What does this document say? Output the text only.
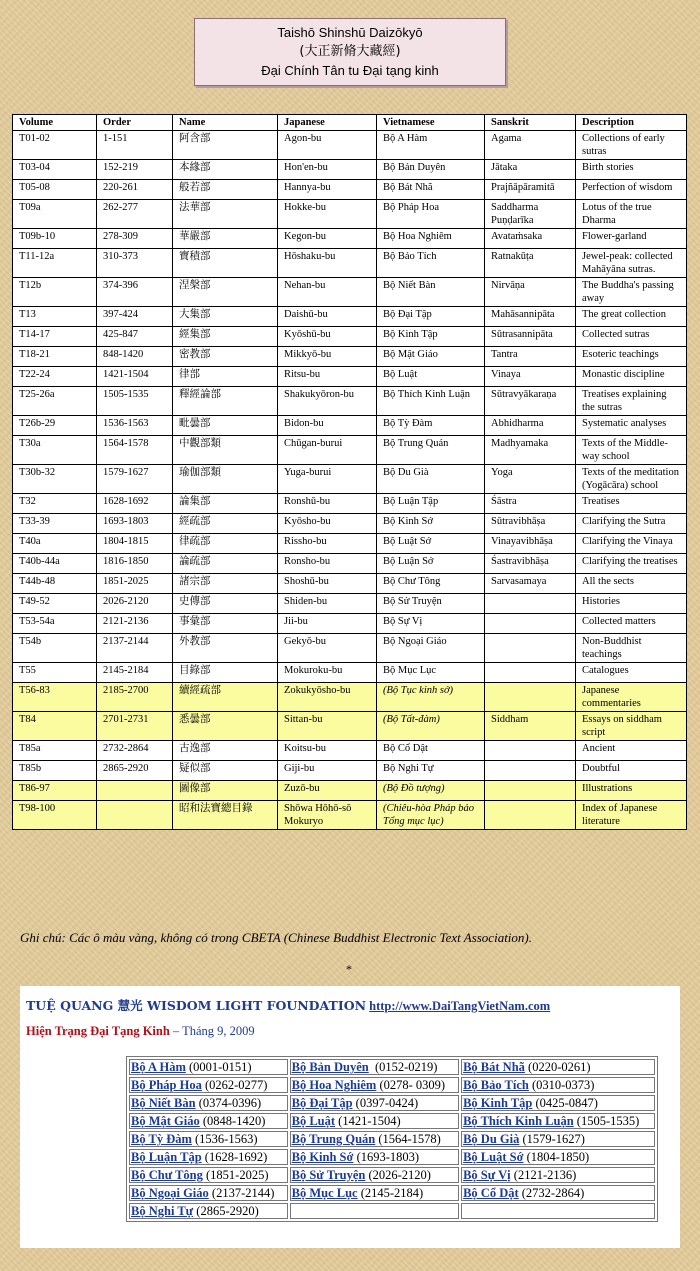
Taishō Shinshū Daizōkyō
(大正新脩大藏經)
Đại Chính Tân tu Đại tạng kinh
Volume	Order	Name	Japanese	Vietnamese	Sanskrit	Description
T01-02	1-151	阿含部	Agon-bu	Bộ A Hàm	Agama	Collections of early sutras
T03-04	152-219	本緣部	Hon'en-bu	Bộ Bản Duyên	Jātaka	Birth stories
T05-08	220-261	般若部	Hannya-bu	Bộ Bát Nhã	Prajñāpāramitā	Perfection of wisdom
T09a	262-277	法華部	Hokke-bu	Bộ Pháp Hoa	Saddharma Puṇḍarīka	Lotus of the true Dharma
T09b-10	278-309	華嚴部	Kegon-bu	Bộ Hoa Nghiêm	Avataṁsaka	Flower-garland
T11-12a	310-373	寶積部	Hōshaku-bu	Bộ Bảo Tích	Ratnakūṭa	Jewel-peak: collected Mahāyāna sutras.
T12b	374-396	涅槃部	Nehan-bu	Bộ Niết Bàn	Nirvāṇa	The Buddha's passing away
T13	397-424	大集部	Daishū-bu	Bộ Đại Tập	Mahāsannipāta	The great collection
T14-17	425-847	經集部	Kyōshū-bu	Bộ Kinh Tập	Sūtrasannipāta	Collected sutras
T18-21	848-1420	密教部	Mikkyō-bu	Bộ Mật Giáo	Tantra	Esoteric teachings
T22-24	1421-1504	律部	Ritsu-bu	Bộ Luật	Vinaya	Monastic discipline
T25-26a	1505-1535	釋經論部	Shakukyōron-bu	Bộ Thích Kinh Luận	Sūtravyākaraṇa	Treatises explaining the sutras
T26b-29	1536-1563	毗曇部	Bidon-bu	Bộ Tỳ Đàm	Abhidharma	Systematic analyses
T30a	1564-1578	中觀部類	Chūgan-burui	Bộ Trung Quán	Madhyamaka	Texts of the Middle-way school
T30b-32	1579-1627	瑜伽部類	Yuga-burui	Bộ Du Già	Yoga	Texts of the meditation (Yogācāra) school
T32	1628-1692	論集部	Ronshū-bu	Bộ Luận Tập	Śāstra	Treatises
T33-39	1693-1803	經疏部	Kyōsho-bu	Bộ Kinh Sớ	Sūtravibhāṣa	Clarifying the Sutra
T40a	1804-1815	律疏部	Rissho-bu	Bộ Luật Sớ	Vinayavibhāṣa	Clarifying the Vinaya
T40b-44a	1816-1850	論疏部	Ronsho-bu	Bộ Luận Sớ	Śastravibhāṣa	Clarifying the treatises
T44b-48	1851-2025	諸宗部	Shoshū-bu	Bộ Chư Tông	Sarvasamaya	All the sects
T49-52	2026-2120	史傳部	Shiden-bu	Bộ Sử Truyện		Histories
T53-54a	2121-2136	事彙部	Jii-bu	Bộ Sự Vị		Collected matters
T54b	2137-2144	外教部	Gekyō-bu	Bộ Ngoại Giáo		Non-Buddhist teachings
T55	2145-2184	目錄部	Mokuroku-bu	Bộ Mục Lục		Catalogues
T56-83	2185-2700	續經疏部	Zokukyōsho-bu	(Bộ Tục kinh sớ)		Japanese commentaries
T84	2701-2731	悉曇部	Sittan-bu	(Bộ Tất-đàm)	Siddham	Essays on siddham script
T85a	2732-2864	古逸部	Koitsu-bu	Bộ Cổ Dật		Ancient
T85b	2865-2920	疑似部	Giji-bu	Bộ Nghi Tự		Doubtful
T86-97		圖像部	Zuzō-bu	(Bộ Đồ tượng)		Illustrations
T98-100		昭和法寶總目錄	Shōwa Hōhō-sō Mokuryo	(Chiêu-hòa Pháp bảo Tổng mục lục)		Index of Japanese literature
Ghi chú: Các ô màu vàng, không có trong CBETA (Chinese Buddhist Electronic Text Association).
*
TUỆ QUANG 慧光 WISDOM LIGHT FOUNDATION http://www.DaiTangVietNam.com
Hiện Trạng Đại Tạng Kinh – Tháng 9, 2009
Bộ A Hàm (0001-0151)	Bộ Bản Duyên  (0152-0219)	Bộ Bát Nhã (0220-0261)
Bộ Pháp Hoa (0262-0277)	Bộ Hoa Nghiêm (0278- 0309)	Bộ Bảo Tích (0310-0373)
Bộ Niết Bàn (0374-0396)	Bộ Đại Tập (0397-0424)	Bộ Kinh Tập (0425-0847)
Bộ Mật Giáo (0848-1420)	Bộ Luật (1421-1504)	Bộ Thích Kinh Luận (1505-1535)
Bộ Tỳ Đàm (1536-1563)	Bộ Trung Quán (1564-1578)	Bộ Du Già (1579-1627)
Bộ Luận Tập (1628-1692)	Bộ Kinh Sớ (1693-1803)	Bộ Luật Sớ (1804-1850)
Bộ Chư Tông (1851-2025)	Bộ Sử Truyện (2026-2120)	Bộ Sự Vị (2121-2136)
Bộ Ngoại Giáo (2137-2144)	Bộ Mục Lục (2145-2184)	Bộ Cổ Dật (2732-2864)
Bộ Nghi Tự (2865-2920)		
